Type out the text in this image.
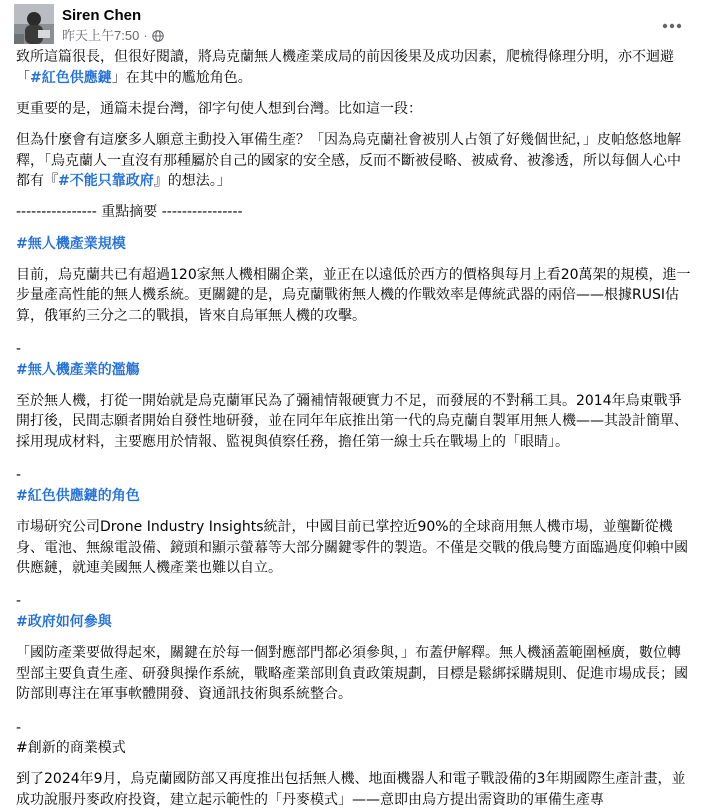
Siren Chen
昨天上午7:50 ·

致所這篇很長，但很好閱讀，將烏克蘭無人機產業成局的前因後果及成功因素，爬梳得條理分明，亦不迴避「#紅色供應鏈」在其中的尷尬角色。

更重要的是，通篇未提台灣，卻字句使人想到台灣。比如這一段：

但為什麼會有這麼多人願意主動投入軍備生產？「因為烏克蘭社會被別人占領了好幾個世紀，」皮帕悠悠地解釋，「烏克蘭人一直沒有那種屬於自己的國家的安全感，反而不斷被侵略、被威脅、被滲透，所以每個人心中都有『#不能只靠政府』的想法。」

---------------- 重點摘要 ----------------

#無人機產業規模

目前，烏克蘭共已有超過120家無人機相關企業，並正在以遠低於西方的價格與每月上看20萬架的規模，進一步量產高性能的無人機系統。更關鍵的是，烏克蘭戰術無人機的作戰效率是傳統武器的兩倍——根據RUSI估算，俄軍約三分之二的戰損，皆來自烏軍無人機的攻擊。

-

#無人機產業的濫觴

至於無人機，打從一開始就是烏克蘭軍民為了彌補情報硬實力不足，而發展的不對稱工具。2014年烏東戰爭開打後，民間志願者開始自發性地研發，並在同年年底推出第一代的烏克蘭自製軍用無人機——其設計簡單、採用現成材料，主要應用於情報、監視與偵察任務，擔任第一線士兵在戰場上的「眼睛」。

-

#紅色供應鏈的角色

市場研究公司Drone Industry Insights統計，中國目前已掌控近90%的全球商用無人機市場，並壟斷從機身、電池、無線電設備、鏡頭和顯示螢幕等大部分關鍵零件的製造。不僅是交戰的俄烏雙方面臨過度仰賴中國供應鏈，就連美國無人機產業也難以自立。

-

#政府如何參與

「國防產業要做得起來，關鍵在於每一個對應部門都必須參與，」布蓋伊解釋。無人機涵蓋範圍極廣，數位轉型部主要負責生產、研發與操作系統，戰略產業部則負責政策規劃，目標是鬆綁採購規則、促進市場成長；國防部則專注在軍事軟體開發、資通訊技術與系統整合。

-

#創新的商業模式

到了2024年9月，烏克蘭國防部又再度推出包括無人機、地面機器人和電子戰設備的3年期國際生產計畫，並成功說服丹麥政府投資，建立起示範性的「丹麥模式」——意即由烏方提出需資助的軍備生產專
